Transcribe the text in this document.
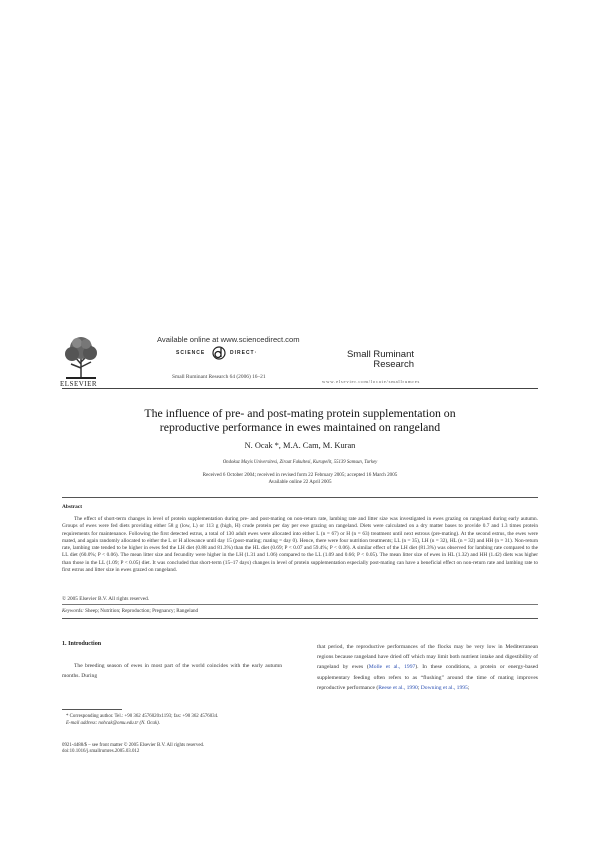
ELSEVIER
Available online at www.sciencedirect.com
SCIENCE	DIRECT·
Small Ruminant Research 64 (2006) 16–21
Small Ruminant
Research
www.elsevier.com/locate/smallrumres
The influence of pre- and post-mating protein supplementation on
reproductive performance in ewes maintained on rangeland
N. Ocak *, M.A. Cam, M. Kuran
Ondokuz Mayis Universitesi, Ziraat Fakultesi, Kurupelit, 55139 Samsun, Turkey
Received 6 October 2004; received in revised form 22 February 2005; accepted 16 March 2005
Available online 22 April 2005
Abstract

The effect of short-term changes in level of protein supplementation during pre- and post-mating on non-return rate, lambing rate and litter size was investigated in ewes grazing on rangeland during early autumn. Groups of ewes were fed diets providing either 58 g (low, L) or 113 g (high, H) crude protein per day per ewe grazing on rangeland. Diets were calculated on a dry matter bases to provide 0.7 and 1.3 times protein requirements for maintenance. Following the first detected estrus, a total of 130 adult ewes were allocated into either L (n = 67) or H (n = 63) treatment until next estrous (pre-mating). At the second estrus, the ewes were mated, and again randomly allocated to either the L or H allowance until day 15 (post-mating; mating = day 0). Hence, there were four nutrition treatments; LL (n = 35), LH (n = 32), HL (n = 32) and HH (n = 31). Non-return rate, lambing rate tended to be higher in ewes fed the LH diet (0.88 and 81.3%) than the HL diet (0.69; P < 0.07 and 59.4%; P < 0.06). A similar effect of the LH diet (81.3%) was observed for lambing rate compared to the LL diet (60.0%; P < 0.06). The mean litter size and fecundity were higher in the LH (1.31 and 1.06) compared to the LL (1.09 and 0.66; P < 0.05). The mean litter size of ewes in HL (1.32) and HH (1.42) diets was higher than those in the LL (1.09; P < 0.05) diet. It was concluded that short-term (15–17 days) changes in level of protein supplementation especially post-mating can have a beneficial effect on non-return rate and lambing rate to first estrus and litter size in ewes grazed on rangeland.

© 2005 Elsevier B.V. All rights reserved.
Keywords: Sheep; Nutrition; Reproduction; Pregnancy; Rangeland
1. Introduction

The breeding season of ewes in most part of the world coincides with the early autumn months. During

that period, the reproductive performances of the flocks may be very low in Mediterranean regions because rangeland have dried off which may limit both nutrient intake and digestibility of rangeland by ewes (Molle et al., 1997). In these conditions, a protein or energy-based supplementary feeding often refers to as “flushing” around the time of mating improves reproductive performance (Reese et al., 1990; Downing et al., 1995;
* Corresponding author. Tel.: +90 362 4576020x1193; fax: +90 362 4576034.
E-mail address: nohcak@omu.edu.tr (N. Ocak).
0921-4488/$ – see front matter © 2005 Elsevier B.V. All rights reserved.
doi:10.1016/j.smallrumres.2005.03.012
